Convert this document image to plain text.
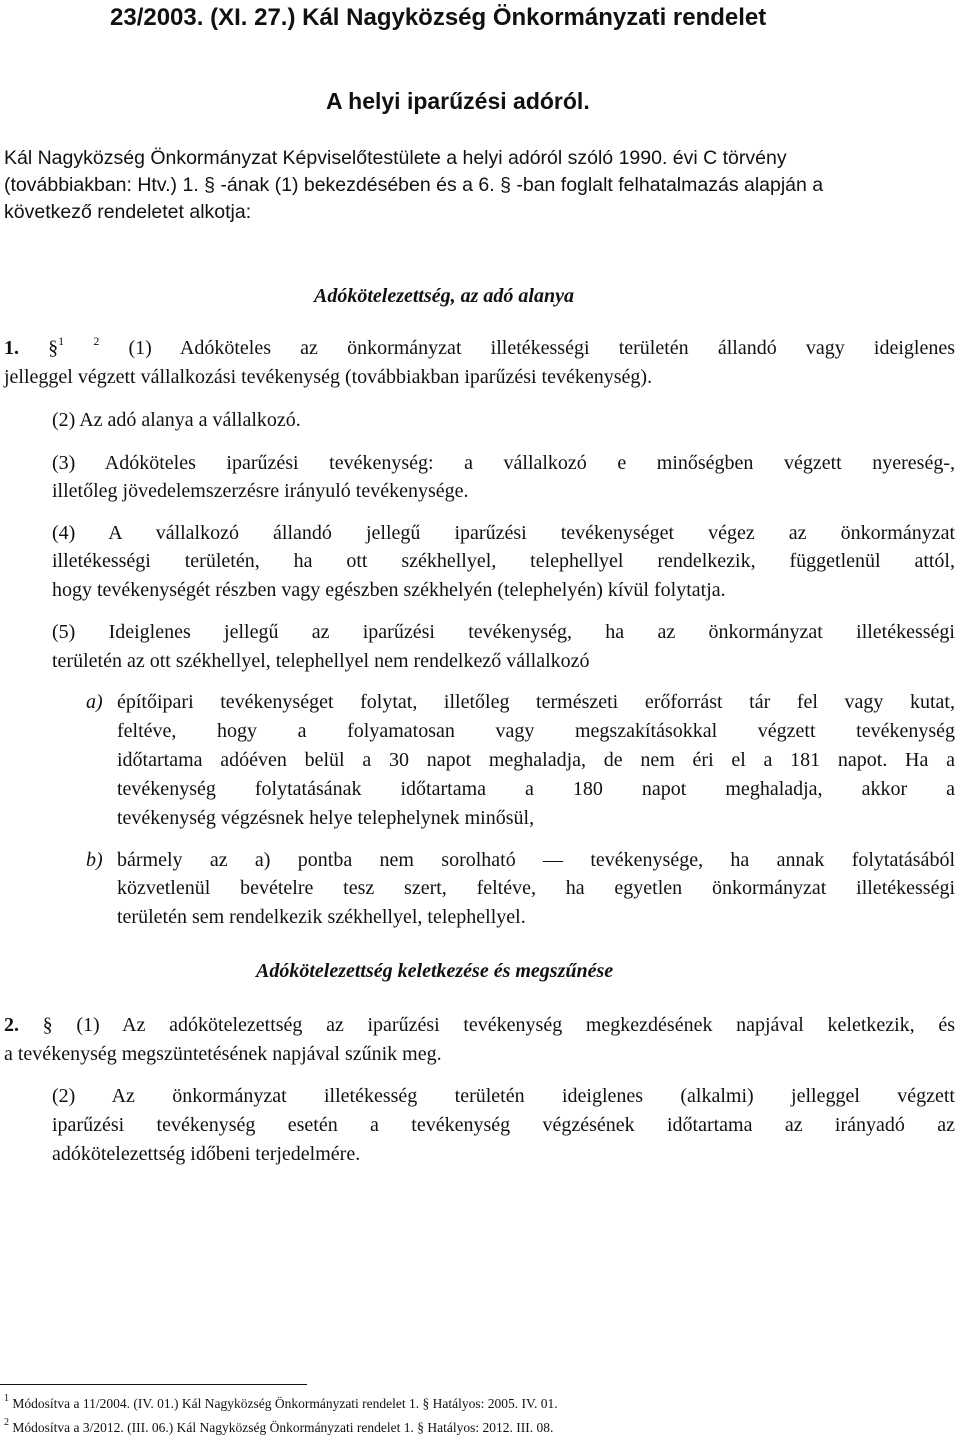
23/2003. (XI. 27.) Kál Nagyközség Önkormányzati rendelet
A helyi iparűzési adóról.
Kál Nagyközség Önkormányzat Képviselőtestülete a helyi adóról szóló 1990. évi C törvény
(továbbiakban: Htv.) 1. § -ának (1) bekezdésében és a 6. § -ban foglalt felhatalmazás alapján a
következő rendeletet alkotja:
Adókötelezettség, az adó alanya
1. §$^1$ $^2$ (1) Adóköteles az önkormányzat illetékességi területén állandó vagy ideiglenes
jelleggel végzett vállalkozási tevékenység (továbbiakban iparűzési tevékenység).
(2) Az adó alanya a vállalkozó.
(3) Adóköteles iparűzési tevékenység: a vállalkozó e minőségben végzett nyereség-,
illetőleg jövedelemszerzésre irányuló tevékenysége.
(4) A vállalkozó állandó jellegű iparűzési tevékenységet végez az önkormányzat
illetékességi területén, ha ott székhellyel, telephellyel rendelkezik, függetlenül attól,
hogy tevékenységét részben vagy egészben székhelyén (telephelyén) kívül folytatja.
(5) Ideiglenes jellegű az iparűzési tevékenység, ha az önkormányzat illetékességi
területén az ott székhellyel, telephellyel nem rendelkező vállalkozó
a) építőipari tevékenységet folytat, illetőleg természeti erőforrást tár fel vagy kutat,
feltéve, hogy a folyamatosan vagy megszakításokkal végzett tevékenység
időtartama adóéven belül a 30 napot meghaladja, de nem éri el a 181 napot. Ha a
tevékenység folytatásának időtartama a 180 napot meghaladja, akkor a
tevékenység végzésnek helye telephelynek minősül,
b) bármely az a) pontba nem sorolható — tevékenysége, ha annak folytatásából
közvetlenül bevételre tesz szert, feltéve, ha egyetlen önkormányzat illetékességi
területén sem rendelkezik székhellyel, telephellyel.
Adókötelezettség keletkezése és megszűnése
2. § (1) Az adókötelezettség az iparűzési tevékenység megkezdésének napjával keletkezik, és
a tevékenység megszüntetésének napjával szűnik meg.
(2) Az önkormányzat illetékesség területén ideiglenes (alkalmi) jelleggel végzett
iparűzési tevékenység esetén a tevékenység végzésének időtartama az irányadó az
adókötelezettség időbeni terjedelmére.
$^1$ Módosítva a 11/2004. (IV. 01.) Kál Nagyközség Önkormányzati rendelet 1. § Hatályos: 2005. IV. 01.
$^2$ Módosítva a 3/2012. (III. 06.) Kál Nagyközség Önkormányzati rendelet 1. § Hatályos: 2012. III. 08.
